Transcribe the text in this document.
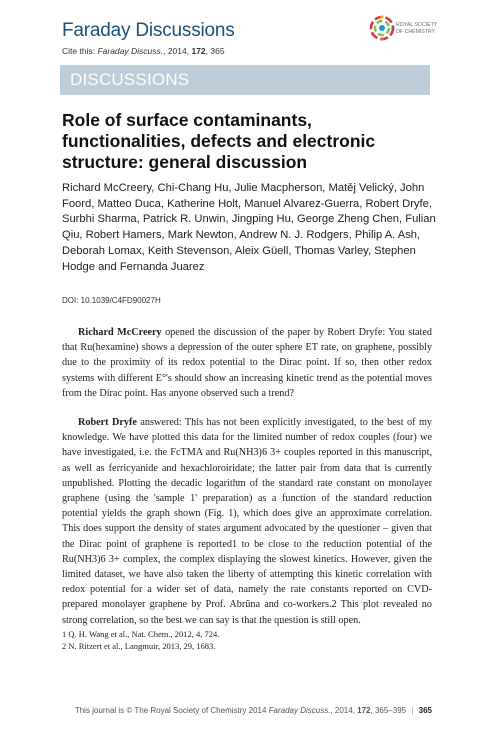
Faraday Discussions
Cite this: Faraday Discuss., 2014, 172, 365
ROYAL SOCIETY
OF CHEMISTRY
DISCUSSIONS
Role of surface contaminants, functionalities, defects and electronic structure: general discussion
Richard McCreery, Chi-Chang Hu, Julie Macpherson, Matěj Velický, John Foord, Matteo Duca, Katherine Holt, Manuel Alvarez-Guerra, Robert Dryfe, Surbhi Sharma, Patrick R. Unwin, Jingping Hu, George Zheng Chen, Fulian Qiu, Robert Hamers, Mark Newton, Andrew N. J. Rodgers, Philip A. Ash, Deborah Lomax, Keith Stevenson, Aleix Güell, Thomas Varley, Stephen Hodge and Fernanda Juarez
DOI: 10.1039/C4FD90027H

Richard McCreery opened the discussion of the paper by Robert Dryfe: You stated that Ru(hexamine) shows a depression of the outer sphere ET rate, on graphene, possibly due to the proximity of its redox potential to the Dirac point. If so, then other redox systems with different E°'s should show an increasing kinetic trend as the potential moves from the Dirac point. Has anyone observed such a trend?

Robert Dryfe answered: This has not been explicitly investigated, to the best of my knowledge. We have plotted this data for the limited number of redox couples (four) we have investigated, i.e. the FcTMA and Ru(NH3)6 3+ couples reported in this manuscript, as well as ferricyanide and hexachloroiridate; the latter pair from data that is currently unpublished. Plotting the decadic logarithm of the standard rate constant on monolayer graphene (using the 'sample 1' preparation) as a function of the standard reduction potential yields the graph shown (Fig. 1), which does give an approximate correlation. This does support the density of states argument advocated by the questioner – given that the Dirac point of graphene is reported1 to be close to the reduction potential of the Ru(NH3)6 3+ complex, the complex displaying the slowest kinetics. However, given the limited dataset, we have also taken the liberty of attempting this kinetic correlation with redox potential for a wider set of data, namely the rate constants reported on CVD-prepared monolayer graphene by Prof. Abrũna and co-workers.2 This plot revealed no strong correlation, so the best we can say is that the question is still open.

1 Q. H. Wang et al., Nat. Chem., 2012, 4, 724.
2 N. Ritzert et al., Langmuir, 2013, 29, 1683.
This journal is © The Royal Society of Chemistry 2014 Faraday Discuss., 2014, 172, 365–395 | 365
